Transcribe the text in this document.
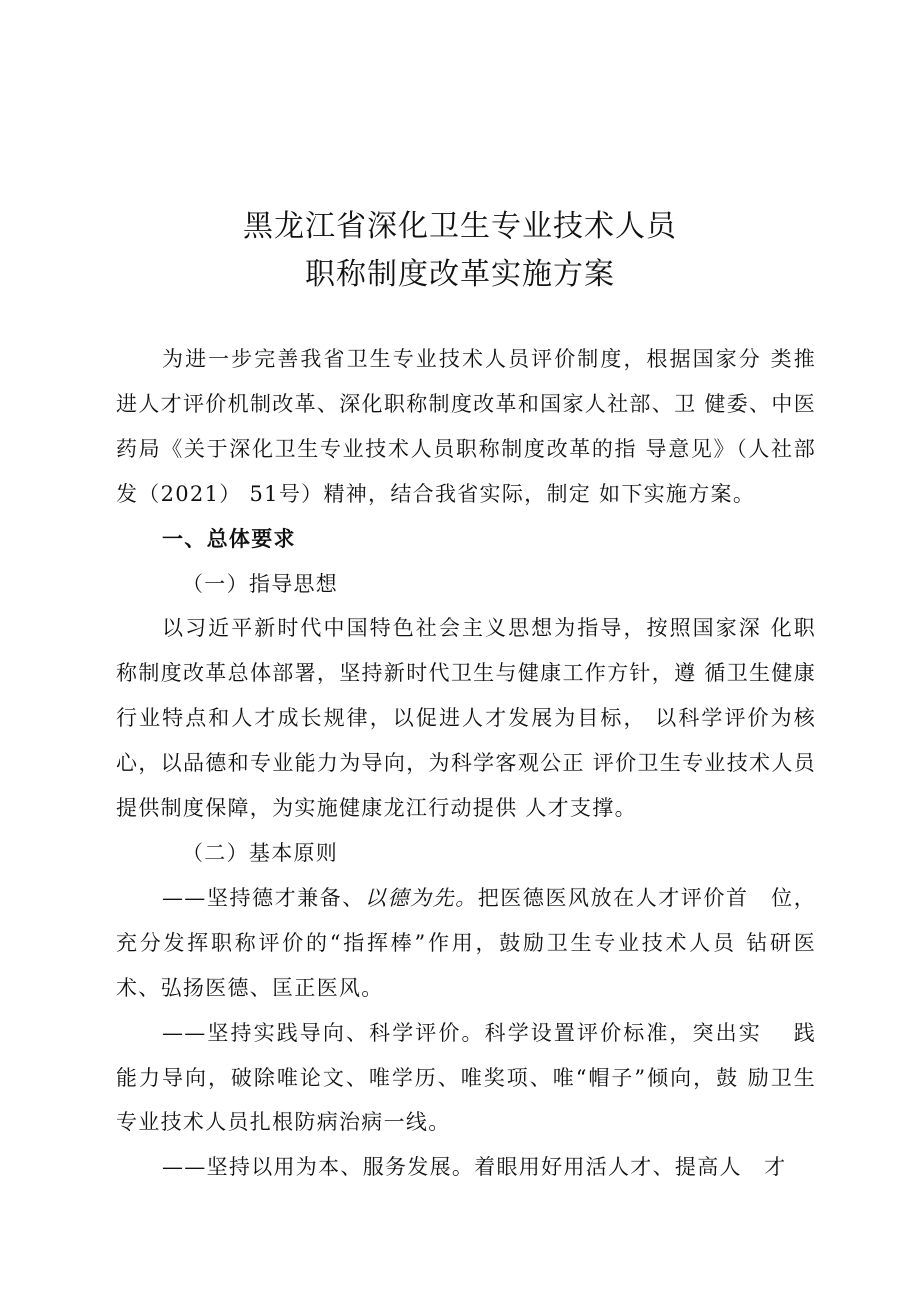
黑龙江省深化卫生专业技术人员
职称制度改革实施方案

为进一步完善我省卫生专业技术人员评价制度，根据国家分 类推进人才评价机制改革、深化职称制度改革和国家人社部、卫 健委、中医药局《关于深化卫生专业技术人员职称制度改革的指 导意见》（人社部发（2021） 51号）精神，结合我省实际，制定 如下实施方案。

一、总体要求

（一）指导思想

以习近平新时代中国特色社会主义思想为指导，按照国家深 化职称制度改革总体部署，坚持新时代卫生与健康工作方针，遵 循卫生健康行业特点和人才成长规律，以促进人才发展为目标， 以科学评价为核心，以品德和专业能力为导向，为科学客观公正 评价卫生专业技术人员提供制度保障，为实施健康龙江行动提供 人才支撑。

（二）基本原则

——坚持德才兼备、以德为先。把医德医风放在人才评价首　位，充分发挥职称评价的“指挥棒”作用，鼓励卫生专业技术人员 钻研医术、弘扬医德、匡正医风。

——坚持实践导向、科学评价。科学设置评价标准，突出实　 践能力导向，破除唯论文、唯学历、唯奖项、唯“帽子”倾向，鼓 励卫生专业技术人员扎根防病治病一线。

——坚持以用为本、服务发展。着眼用好用活人才、提高人　才
